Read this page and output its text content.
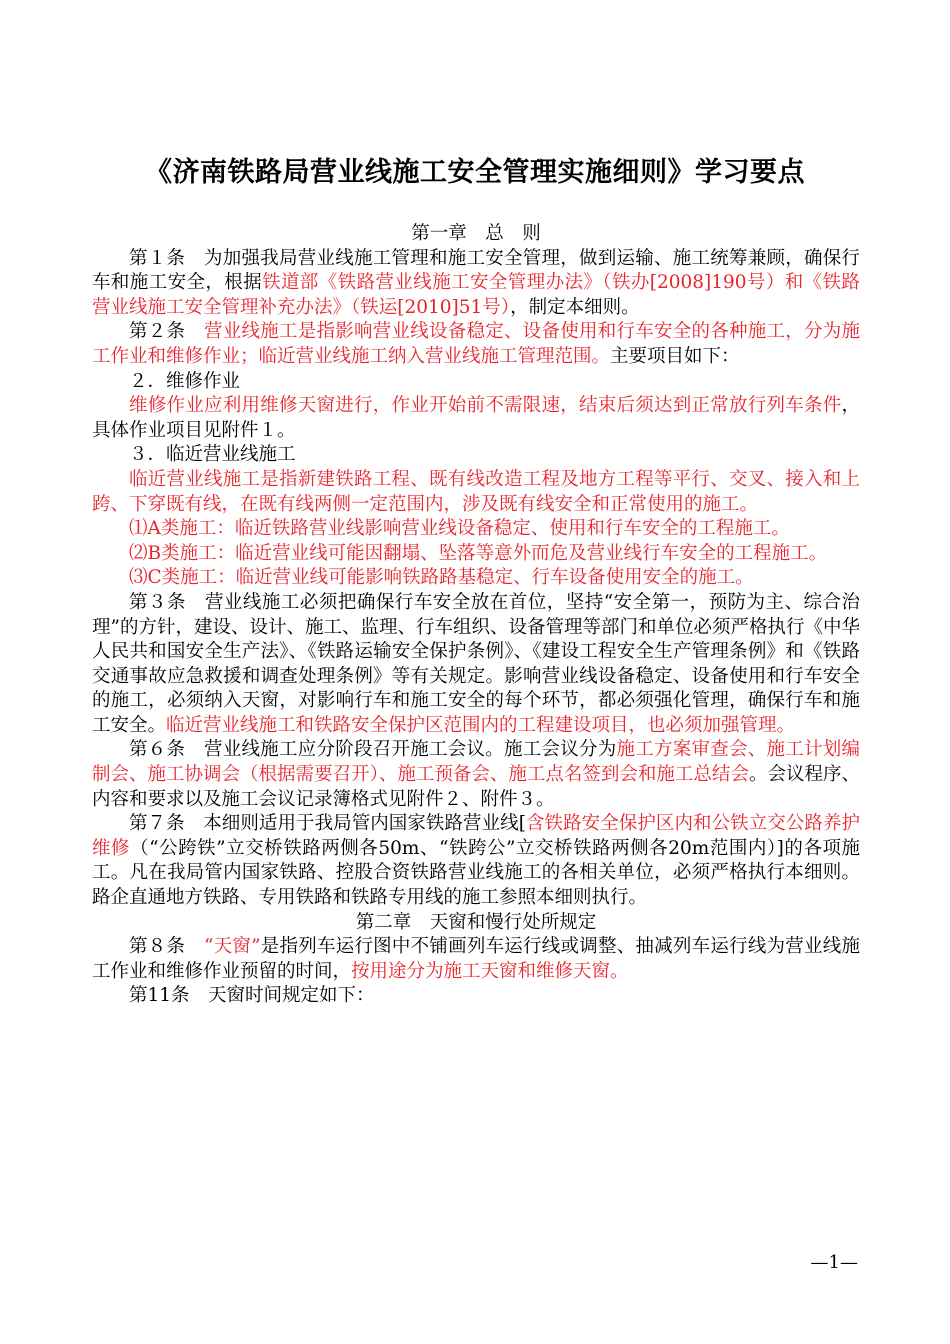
《济南铁路局营业线施工安全管理实施细则》学习要点

第一章　总　则

第１条　为加强我局营业线施工管理和施工安全管理，做到运输、施工统筹兼顾，确保行车和施工安全，根据铁道部《铁路营业线施工安全管理办法》（铁办[2008]190号）和《铁路营业线施工安全管理补充办法》（铁运[2010]51号），制定本细则。

第２条　营业线施工是指影响营业线设备稳定、设备使用和行车安全的各种施工，分为施工作业和维修作业；临近营业线施工纳入营业线施工管理范围。主要项目如下：

２．维修作业

维修作业应利用维修天窗进行，作业开始前不需限速，结束后须达到正常放行列车条件，具体作业项目见附件１。

３．临近营业线施工

临近营业线施工是指新建铁路工程、既有线改造工程及地方工程等平行、交叉、接入和上跨、下穿既有线，在既有线两侧一定范围内，涉及既有线安全和正常使用的施工。

⑴A类施工：临近铁路营业线影响营业线设备稳定、使用和行车安全的工程施工。

⑵B类施工：临近营业线可能因翻塌、坠落等意外而危及营业线行车安全的工程施工。

⑶C类施工：临近营业线可能影响铁路路基稳定、行车设备使用安全的施工。

第３条　营业线施工必须把确保行车安全放在首位，坚持“安全第一，预防为主、综合治理”的方针，建设、设计、施工、监理、行车组织、设备管理等部门和单位必须严格执行《中华人民共和国安全生产法》、《铁路运输安全保护条例》、《建设工程安全生产管理条例》和《铁路交通事故应急救援和调查处理条例》等有关规定。影响营业线设备稳定、设备使用和行车安全的施工，必须纳入天窗，对影响行车和施工安全的每个环节，都必须强化管理，确保行车和施工安全。临近营业线施工和铁路安全保护区范围内的工程建设项目，也必须加强管理。

第６条　营业线施工应分阶段召开施工会议。施工会议分为施工方案审查会、施工计划编制会、施工协调会（根据需要召开）、施工预备会、施工点名签到会和施工总结会。会议程序、内容和要求以及施工会议记录簿格式见附件２、附件３。

第７条　本细则适用于我局管内国家铁路营业线[含铁路安全保护区内和公铁立交公路养护维修（“公跨铁”立交桥铁路两侧各50m、“铁跨公”立交桥铁路两侧各20m范围内）]的各项施工。凡在我局管内国家铁路、控股合资铁路营业线施工的各相关单位，必须严格执行本细则。路企直通地方铁路、专用铁路和铁路专用线的施工参照本细则执行。

第二章　天窗和慢行处所规定

第８条　“天窗”是指列车运行图中不铺画列车运行线或调整、抽减列车运行线为营业线施工作业和维修作业预留的时间，按用途分为施工天窗和维修天窗。

第11条　天窗时间规定如下：

—1—
